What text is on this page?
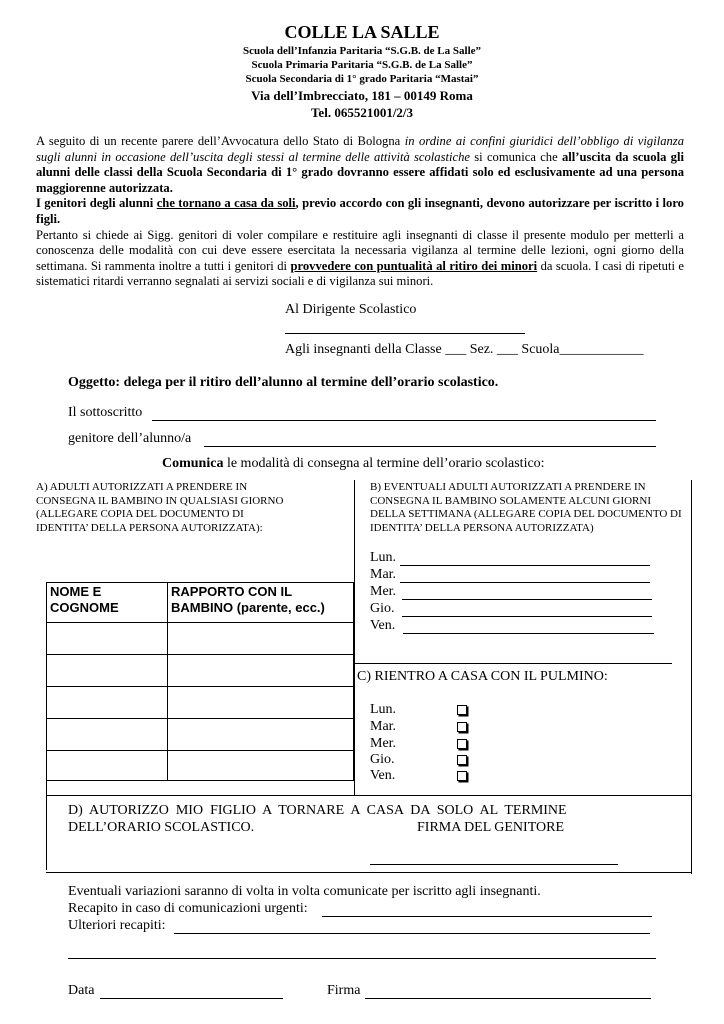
COLLE LA SALLE
Scuola dell’Infanzia Paritaria “S.G.B. de La Salle”
Scuola Primaria Paritaria “S.G.B. de La Salle”
Scuola Secondaria di 1° grado Paritaria “Mastai”
Via dell’Imbrecciato, 181 – 00149 Roma
Tel. 065521001/2/3

A seguito di un recente parere dell’Avvocatura dello Stato di Bologna in ordine ai confini giuridici dell’obbligo di vigilanza sugli alunni in occasione dell’uscita degli stessi al termine delle attività scolastiche si comunica che all’uscita da scuola gli alunni delle classi della Scuola Secondaria di 1° grado dovranno essere affidati solo ed esclusivamente ad una persona maggiorenne autorizzata.

I genitori degli alunni che tornano a casa da soli, previo accordo con gli insegnanti, devono autorizzare per iscritto i loro figli.

Pertanto si chiede ai Sigg. genitori di voler compilare e restituire agli insegnanti di classe il presente modulo per metterli a conoscenza delle modalità con cui deve essere esercitata la necessaria vigilanza al termine delle lezioni, ogni giorno della settimana. Si rammenta inoltre a tutti i genitori di provvedere con puntualità al ritiro dei minori da scuola. I casi di ripetuti e sistematici ritardi verranno segnalati ai servizi sociali e di vigilanza sui minori.

Al Dirigente Scolastico
Agli insegnanti della Classe ___ Sez. ___ Scuola____________
Oggetto: delega per il ritiro dell’alunno al termine dell’orario scolastico.
Il sottoscritto
genitore dell’alunno/a
Comunica le modalità di consegna al termine dell’orario scolastico:
A) ADULTI AUTORIZZATI A PRENDERE IN CONSEGNA IL BAMBINO IN QUALSIASI GIORNO (ALLEGARE COPIA DEL DOCUMENTO DI IDENTITA’ DELLA PERSONA AUTORIZZATA):
NOME E COGNOME	RAPPORTO CON IL BAMBINO (parente, ecc.)

B) EVENTUALI ADULTI AUTORIZZATI A PRENDERE IN CONSEGNA IL BAMBINO SOLAMENTE ALCUNI GIORNI DELLA SETTIMANA (ALLEGARE COPIA DEL DOCUMENTO DI IDENTITA’ DELLA PERSONA AUTORIZZATA)
Lun.
Mar.
Mer.
Gio.
Ven.
C) RIENTRO A CASA CON IL PULMINO:
Lun.
Mar.
Mer.
Gio.
Ven.
D)  AUTORIZZO  MIO  FIGLIO  A  TORNARE  A  CASA  DA  SOLO  AL  TERMINE
DELL’ORARIO SCOLASTICO.	FIRMA DEL GENITORE
Eventuali variazioni saranno di volta in volta comunicate per iscritto agli insegnanti.
Recapito in caso di comunicazioni urgenti:
Ulteriori recapiti:
Data	Firma
